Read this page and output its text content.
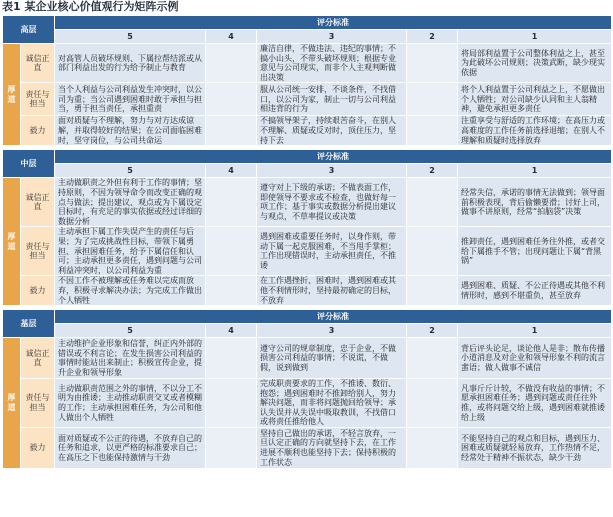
表1 某企业核心价值观行为矩阵示例
高层		评分标准				
		5	4	3	2	1
厚道	诚信正直	对高管人员破坏规则、下属拉帮结派或从部门利益出发的行为给予制止与教育		廉洁自律，不做违法、违纪的事情；不搞小山头，不带头破坏规则；根据专业意见与公司现实，而非个人主观判断做出决策		将局部利益置于公司整体利益之上，甚至为此破坏公司规则；决策武断，缺少现实依据
	责任与担当	当个人利益与公司利益发生冲突时，以公司为重；当公司遇到困难时敢于承担与担当，勇于担当责任，承担重责		服从公司统一安排，不谈条件，不找借口，以公司为家，制止一切与公司利益相违背的行为		将个人利益置于公司利益之上，不愿做出个人牺牲；对公司缺少认同和主人翁精神，避免承担更多责任
	毅力	面对质疑与不理解，努力与对方达成谅解，并取得较好的结果；在公司面临困难时，坚守岗位，与公司共命运		不搞领导架子，持续艰苦奋斗，在别人不理解、质疑或反对时，顶住压力，坚持下去		注重享受与舒适的工作环境；在高压力或高难度的工作任务前选择退缩；在别人不理解和质疑时选择放弃

中层		评分标准				
		5	4	3	2	1
厚道	诚信正直	主动做职责之外但有利于工作的事情；坚持原则，不因为领导命令而改变正确的观点与做法；提出建议、观点或为下属设定目标时，有充足的事实依据或经过详细的数据分析		遵守对上下级的承诺；不做表面工作，即使领导不要求或不检查，也做好每一项工作；基于事实或数据分析提出建议与观点，不草率提议或决策		经常失信，承诺的事情无法做到；领导面前积极表现，背后偷懒要滑；讨好上司，做事不讲原则，经常“拍脑袋”决策
	责任与担当	主动承担下属工作失误产生的责任与后果；为了完成挑战性目标，带领下属勇担、承担困难任务，给予下属信任和认可；主动承担更多责任，遇到问题与公司利益冲突时，以公司利益为重		遇到困难或重要任务时，以身作则，带动下属一起克服困难，不当甩手掌柜；工作出现错误时，主动承担责任，不推诿		推卸责任，遇到困难任务往外推，或者交给下属推手不管；出现问题让下属“背黑锅”
	毅力	不因工作不被理解或任务难以完成而放弃，积极寻求解决办法；为完成工作做出个人牺牲		在工作遇挫折、困难时，遇到困难或其他不利情形时，坚持最初确定的目标，不放弃		遇到困难、质疑、不公正待遇或其他不利情形时，感到不堪重负，甚至放弃

基层		评分标准				
		5	4	3	2	1
厚道	诚信正直	主动维护企业形象和信誉，纠正内外部的错误或不利言论；在发生损害公司利益的事情时能站出来制止；积极宣传企业，提升企业和领导形象		遵守公司的规章制度，忠于企业，不做损害公司利益的事情；不说谎，不做假，说到做到		背后评头论足，谈论他人是非；散布传播小道消息及对企业和领导形象不利的流言蜚语；做人做事不诚信
	责任与担当	主动做职责范围之外的事情，不以分工不明为由推诿；主动推动职责交叉或者模糊的工作；主动承担困难任务，为公司和他人做出个人牺牲		完成职责要求的工作，不推诿、数衍、抱怨；遇到困难时不推卸给别人，努力解决问题，而非将问题抛回给领导；承认失误并从失误中吸取教训，不找借口或将责任推给他人		凡事斤斤计较，不做没有收益的事情；不愿承担困难任务；遇到问题或责任往外推，或将问题交给上级，遇到困难就推诿给上级
	毅力	面对质疑或不公正的待遇，不放弃自己的任务和追求，以更严格的标准要求自己；在高压之下也能保持激情与干劲		坚持自己做出的承诺，不轻言放弃，一旦认定正确的方向就坚持下去，在工作进展不顺利也能坚持下去；保持积极的工作状态		不能坚持自己的观点和目标，遇到压力、困难或质疑就轻易放弃，工作热情不足，经常处于精神不振状态，缺少干劲
